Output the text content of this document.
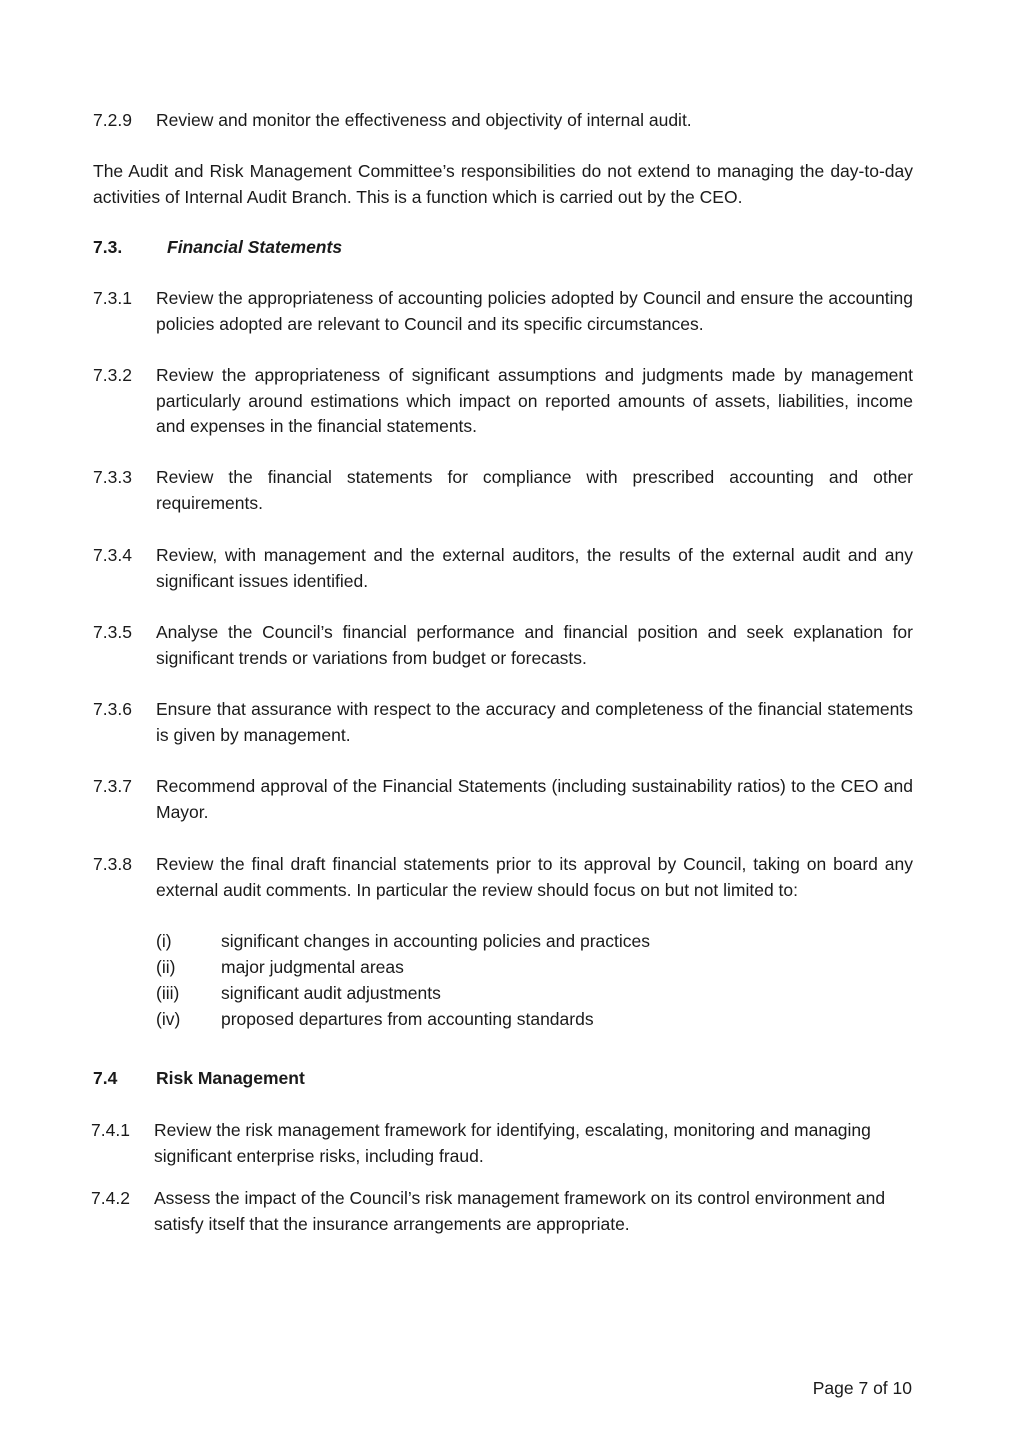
7.2.9 Review and monitor the effectiveness and objectivity of internal audit.
The Audit and Risk Management Committee’s responsibilities do not extend to managing the day-to-day activities of Internal Audit Branch. This is a function which is carried out by the CEO.
7.3.	Financial Statements
7.3.1 Review the appropriateness of accounting policies adopted by Council and ensure the accounting policies adopted are relevant to Council and its specific circumstances.
7.3.2 Review the appropriateness of significant assumptions and judgments made by management particularly around estimations which impact on reported amounts of assets, liabilities, income and expenses in the financial statements.
7.3.3 Review the financial statements for compliance with prescribed accounting and other requirements.
7.3.4 Review, with management and the external auditors, the results of the external audit and any significant issues identified.
7.3.5 Analyse the Council’s financial performance and financial position and seek explanation for significant trends or variations from budget or forecasts.
7.3.6 Ensure that assurance with respect to the accuracy and completeness of the financial statements is given by management.
7.3.7 Recommend approval of the Financial Statements (including sustainability ratios) to the CEO and Mayor.
7.3.8 Review the final draft financial statements prior to its approval by Council, taking on board any external audit comments. In particular the review should focus on but not limited to:
(i)	significant changes in accounting policies and practices
(ii)	major judgmental areas
(iii) significant audit adjustments
(iv) proposed departures from accounting standards
7.4 Risk Management
7.4.1 Review the risk management framework for identifying, escalating, monitoring and managing significant enterprise risks, including fraud.
7.4.2 Assess the impact of the Council’s risk management framework on its control environment and satisfy itself that the insurance arrangements are appropriate.
Page 7 of 10
